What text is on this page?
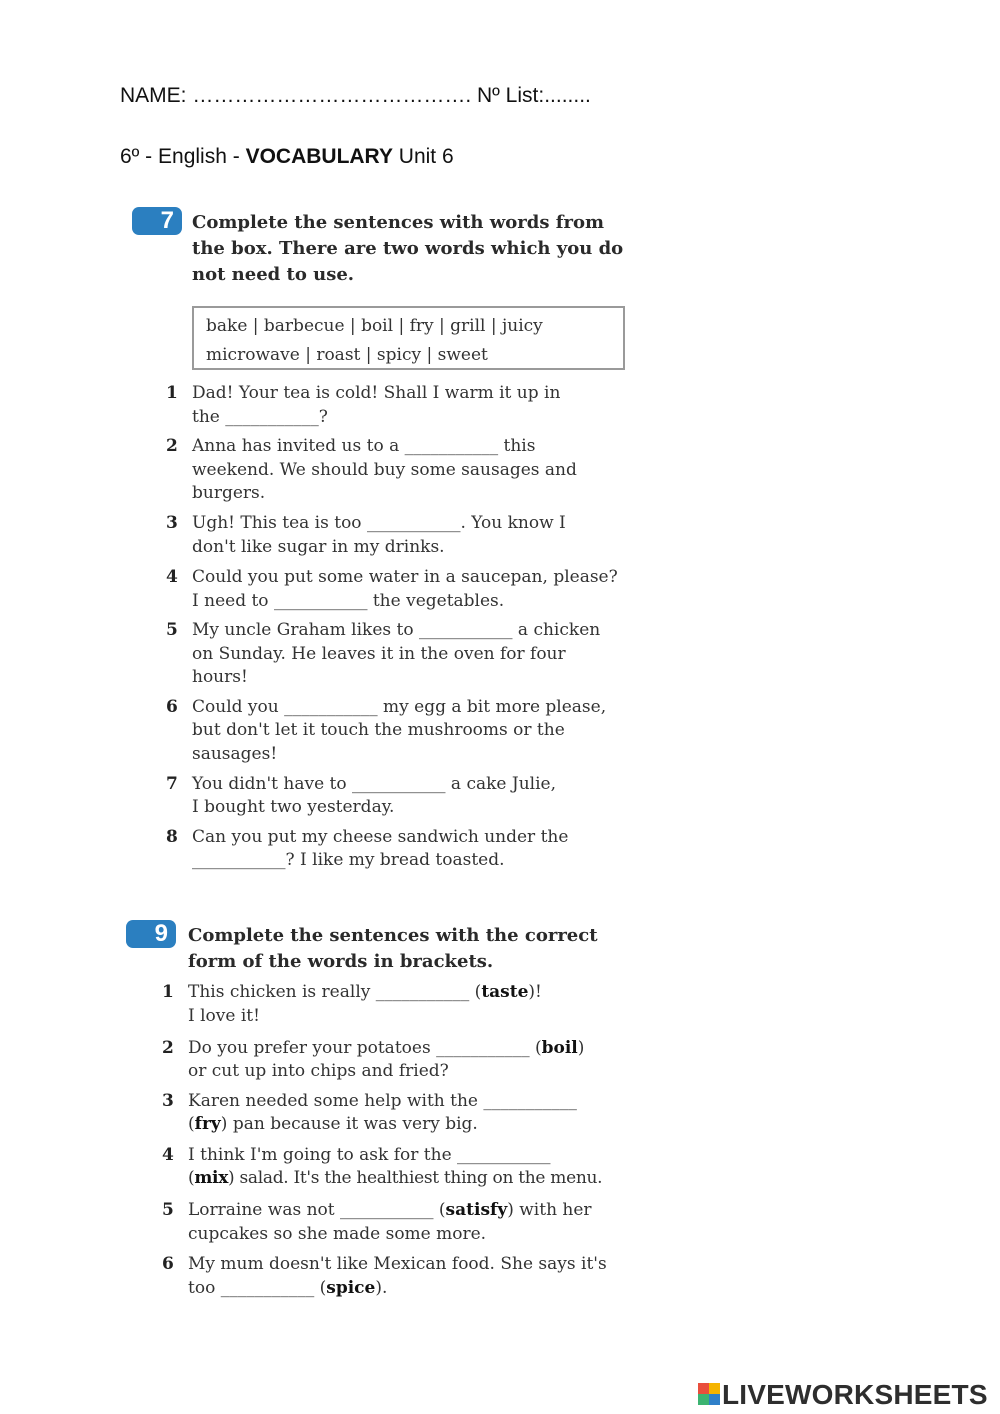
NAME: …………………………………. Nº List:........
6º - English - VOCABULARY Unit 6
7	Complete the sentences with words from
the box. There are two words which you do
not need to use.
bake | barbecue | boil | fry | grill | juicy
microwave | roast | spicy | sweet
1 Dad! Your tea is cold! Shall I warm it up in
the ___________?
2 Anna has invited us to a ___________ this
weekend. We should buy some sausages and
burgers.
3 Ugh! This tea is too ___________. You know I
don't like sugar in my drinks.
4 Could you put some water in a saucepan, please?
I need to ___________ the vegetables.
5 My uncle Graham likes to ___________ a chicken
on Sunday. He leaves it in the oven for four
hours!
6 Could you ___________ my egg a bit more please,
but don't let it touch the mushrooms or the
sausages!
7 You didn't have to ___________ a cake Julie,
I bought two yesterday.
8 Can you put my cheese sandwich under the
___________? I like my bread toasted.
9	Complete the sentences with the correct
form of the words in brackets.
1 This chicken is really ___________ (taste)!
I love it!
2 Do you prefer your potatoes ___________ (boil)
or cut up into chips and fried?
3 Karen needed some help with the ___________
(fry) pan because it was very big.
4 I think I'm going to ask for the ___________
(mix) salad. It's the healthiest thing on the menu.
5 Lorraine was not ___________ (satisfy) with her
cupcakes so she made some more.
6 My mum doesn't like Mexican food. She says it's
too ___________ (spice).
LIVEWORKSHEETS
